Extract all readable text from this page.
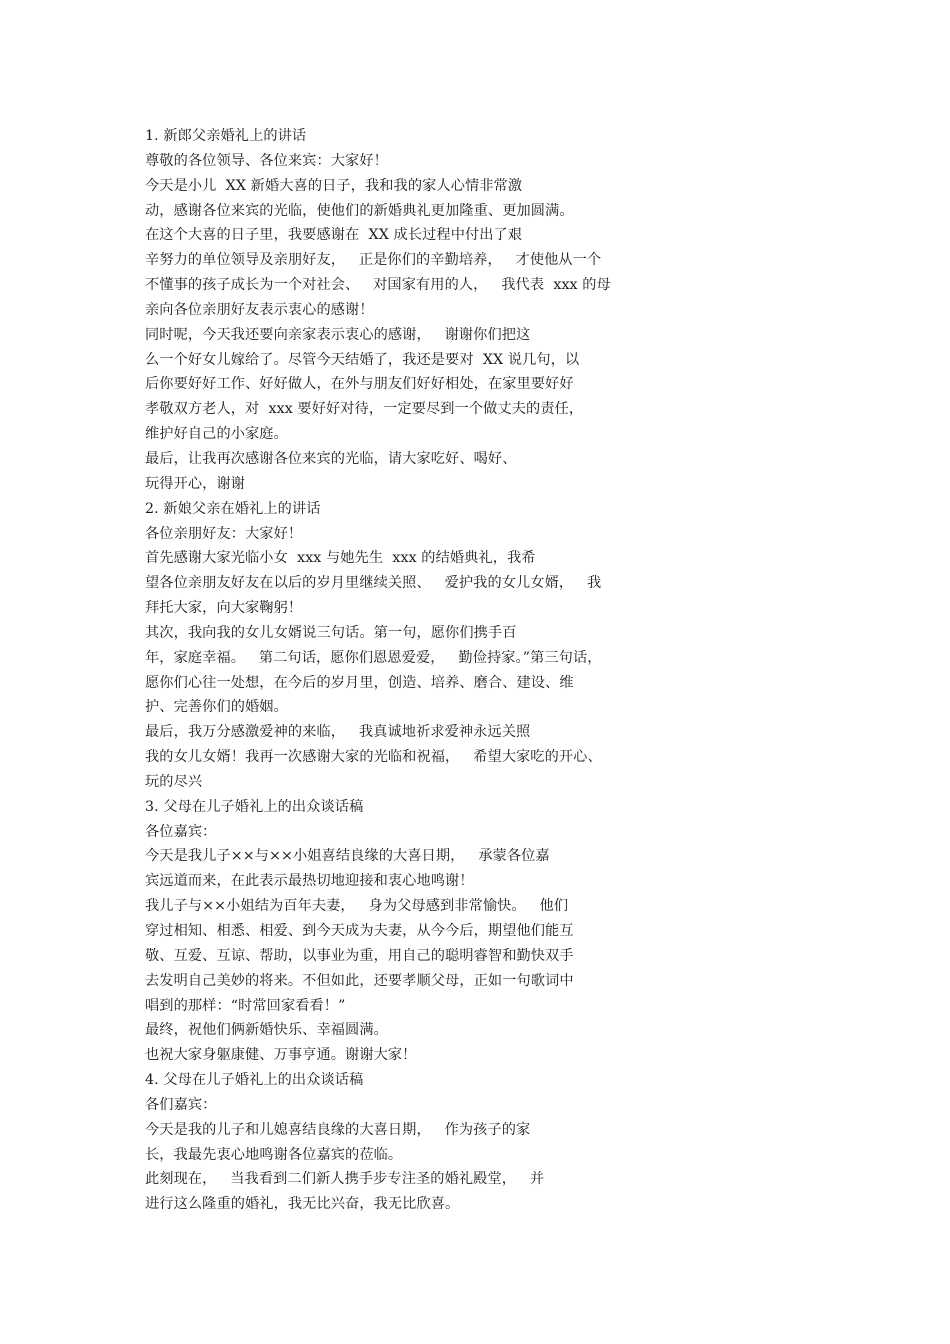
1. 新郎父亲婚礼上的讲话
尊敬的各位领导、各位来宾：大家好！
今天是小儿  XX 新婚大喜的日子，我和我的家人心情非常激
动，感谢各位来宾的光临，使他们的新婚典礼更加隆重、更加圆满。
在这个大喜的日子里，我要感谢在  XX 成长过程中付出了艰
辛努力的单位领导及亲朋好友，   正是你们的辛勤培养，   才使他从一个
不懂事的孩子成长为一个对社会、   对国家有用的人，   我代表  xxx 的母
亲向各位亲朋好友表示衷心的感谢！
同时呢，今天我还要向亲家表示衷心的感谢，   谢谢你们把这
么一个好女儿嫁给了。尽管今天结婚了，我还是要对  XX 说几句，以
后你要好好工作、好好做人，在外与朋友们好好相处，在家里要好好
孝敬双方老人，对  xxx 要好好对待，一定要尽到一个做丈夫的责任，
维护好自己的小家庭。
最后，让我再次感谢各位来宾的光临，请大家吃好、喝好、
玩得开心，谢谢
2. 新娘父亲在婚礼上的讲话
各位亲朋好友：大家好！
首先感谢大家光临小女  xxx 与她先生  xxx 的结婚典礼，我希
望各位亲朋友好友在以后的岁月里继续关照、   爱护我的女儿女婿，   我
拜托大家，向大家鞠躬！
其次，我向我的女儿女婿说三句话。第一句，愿你们携手百
年，家庭幸福。   第二句话，愿你们恩恩爱爱，   勤俭持家。”第三句话，
愿你们心往一处想，在今后的岁月里，创造、培养、磨合、建设、维
护、完善你们的婚姻。
最后，我万分感激爱神的来临，   我真诚地祈求爱神永远关照
我的女儿女婿！我再一次感谢大家的光临和祝福，   希望大家吃的开心、
玩的尽兴
3. 父母在儿子婚礼上的出众谈话稿
各位嘉宾：
今天是我儿子××与××小姐喜结良缘的大喜日期，   承蒙各位嘉
宾远道而来，在此表示最热切地迎接和衷心地鸣谢！
我儿子与××小姐结为百年夫妻，   身为父母感到非常愉快。   他们
穿过相知、相悉、相爱、到今天成为夫妻，从今今后，期望他们能互
敬、互爱、互谅、帮助，以事业为重，用自己的聪明睿智和勤快双手
去发明自己美妙的将来。不但如此，还要孝顺父母，正如一句歌词中
唱到的那样：“时常回家看看！”
最终，祝他们俩新婚快乐、幸福圆满。
也祝大家身躯康健、万事亨通。谢谢大家！
4. 父母在儿子婚礼上的出众谈话稿
各们嘉宾：
今天是我的儿子和儿媳喜结良缘的大喜日期，   作为孩子的家
长，我最先衷心地鸣谢各位嘉宾的莅临。
此刻现在，   当我看到二们新人携手步专注圣的婚礼殿堂，   并
进行这么隆重的婚礼，我无比兴奋，我无比欣喜。
